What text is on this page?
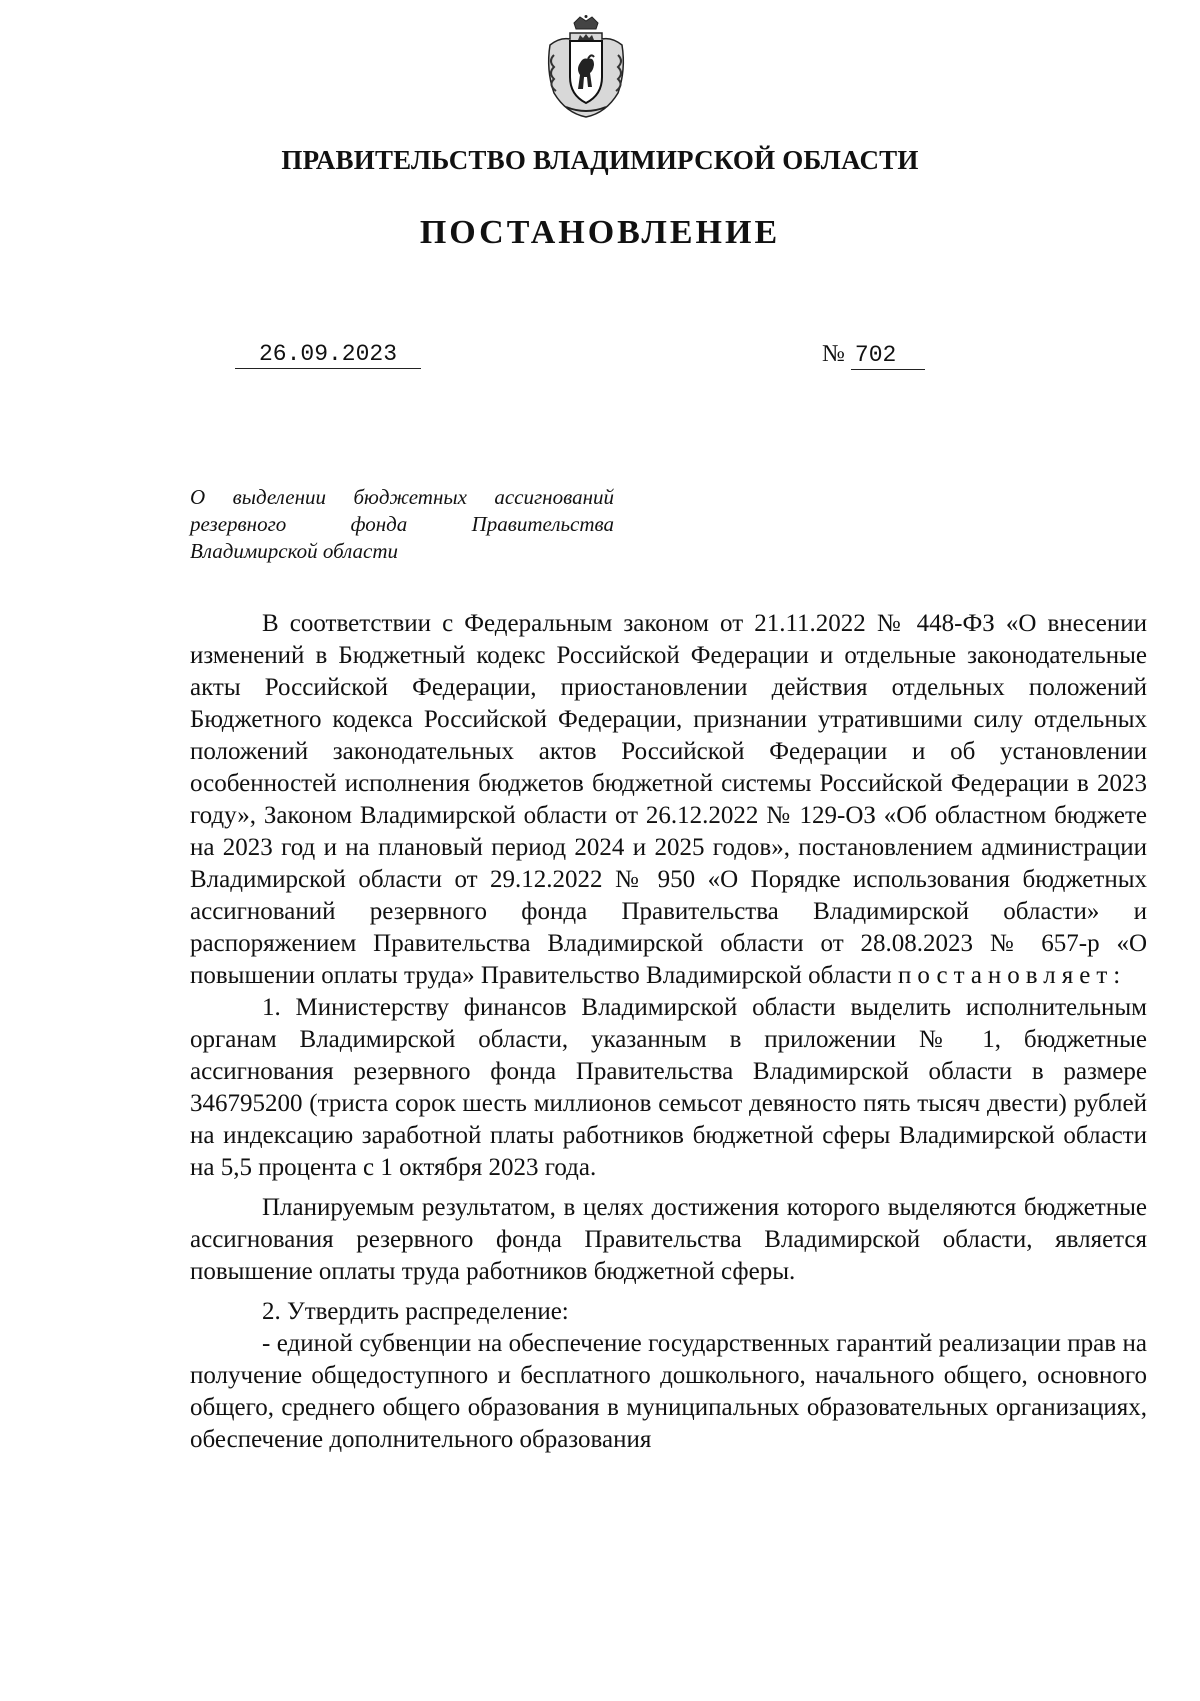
ПРАВИТЕЛЬСТВО ВЛАДИМИРСКОЙ ОБЛАСТИ
ПОСТАНОВЛЕНИЕ
26.09.2023	№ 702
О выделении бюджетных ассигнований
резервного фонда Правительства
Владимирской области

В соответствии с Федеральным законом от 21.11.2022 № 448-ФЗ «О внесении изменений в Бюджетный кодекс Российской Федерации и отдельные законодательные акты Российской Федерации, приостановлении действия отдельных положений Бюджетного кодекса Российской Федерации, признании утратившими силу отдельных положений законодательных актов Российской Федерации и об установлении особенностей исполнения бюджетов бюджетной системы Российской Федерации в 2023 году», Законом Владимирской области от 26.12.2022 № 129-ОЗ «Об областном бюджете на 2023 год и на плановый период 2024 и 2025 годов», постановлением администрации Владимирской области от 29.12.2022 № 950 «О Порядке использования бюджетных ассигнований резервного фонда Правительства Владимирской области» и распоряжением Правительства Владимирской области от 28.08.2023 № 657-р «О повышении оплаты труда» Правительство Владимирской области постановляет:

1. Министерству финансов Владимирской области выделить исполнительным органам Владимирской области, указанным в приложении № 1, бюджетные ассигнования резервного фонда Правительства Владимирской области в размере 346795200 (триста сорок шесть миллионов семьсот девяносто пять тысяч двести) рублей на индексацию заработной платы работников бюджетной сферы Владимирской области на 5,5 процента с 1 октября 2023 года.

Планируемым результатом, в целях достижения которого выделяются бюджетные ассигнования резервного фонда Правительства Владимирской области, является повышение оплаты труда работников бюджетной сферы.

2. Утвердить распределение:

- единой субвенции на обеспечение государственных гарантий реализации прав на получение общедоступного и бесплатного дошкольного, начального общего, основного общего, среднего общего образования в муниципальных образовательных организациях, обеспечение дополнительного образования
